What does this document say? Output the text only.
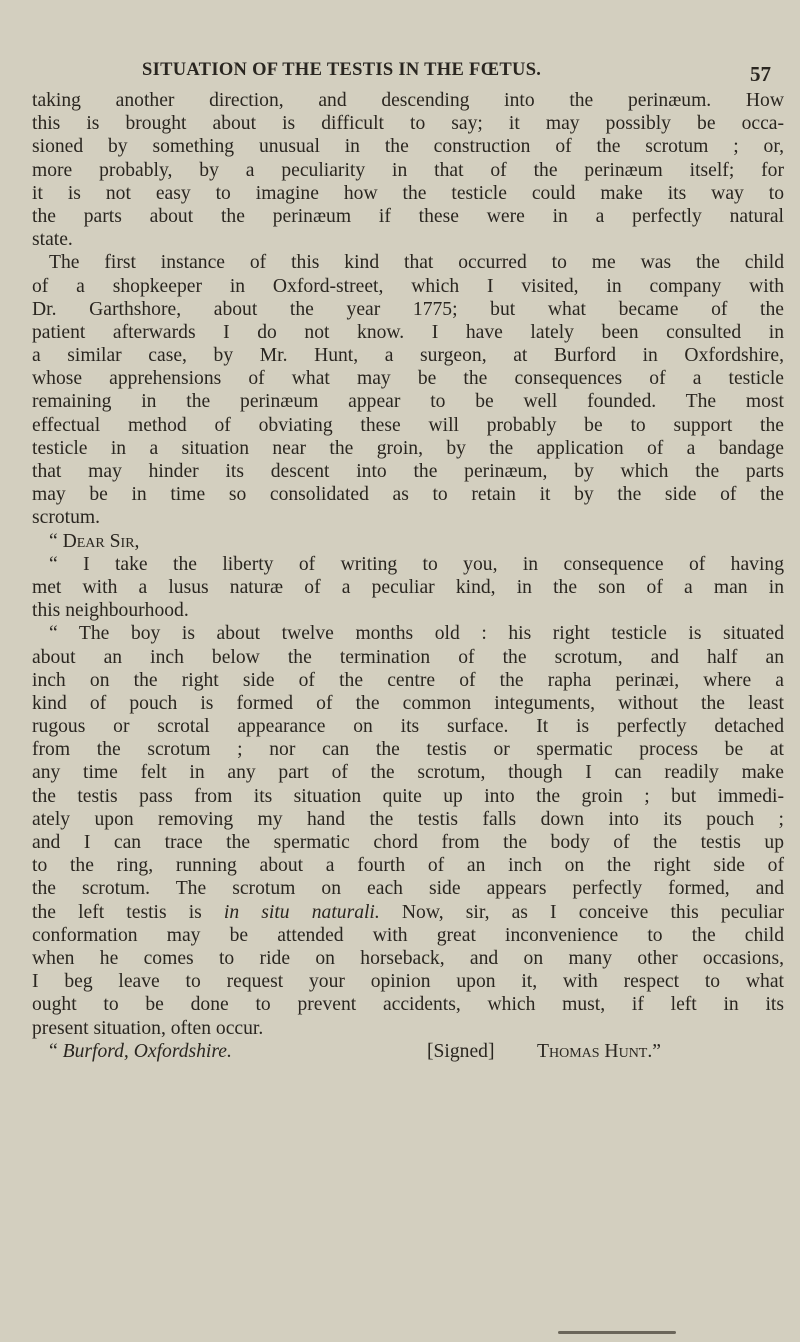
SITUATION OF THE TESTIS IN THE FŒTUS.	57
taking another direction, and descending into the perinæum. How
this is brought about is difficult to say; it may possibly be occa-
sioned by something unusual in the construction of the scrotum ; or,
more probably, by a peculiarity in that of the perinæum itself; for
it is not easy to imagine how the testicle could make its way to
the parts about the perinæum if these were in a perfectly natural
state.
The first instance of this kind that occurred to me was the child
of a shopkeeper in Oxford-street, which I visited, in company with
Dr. Garthshore, about the year 1775; but what became of the
patient afterwards I do not know. I have lately been consulted in
a similar case, by Mr. Hunt, a surgeon, at Burford in Oxfordshire,
whose apprehensions of what may be the consequences of a testicle
remaining in the perinæum appear to be well founded. The most
effectual method of obviating these will probably be to support the
testicle in a situation near the groin, by the application of a bandage
that may hinder its descent into the perinæum, by which the parts
may be in time so consolidated as to retain it by the side of the
scrotum.
“ Dear Sir,
“ I take the liberty of writing to you, in consequence of having
met with a lusus naturæ of a peculiar kind, in the son of a man in
this neighbourhood.
“ The boy is about twelve months old : his right testicle is situated
about an inch below the termination of the scrotum, and half an
inch on the right side of the centre of the rapha perinæi, where a
kind of pouch is formed of the common integuments, without the least
rugous or scrotal appearance on its surface. It is perfectly detached
from the scrotum ; nor can the testis or spermatic process be at
any time felt in any part of the scrotum, though I can readily make
the testis pass from its situation quite up into the groin ; but immedi-
ately upon removing my hand the testis falls down into its pouch ;
and I can trace the spermatic chord from the body of the testis up
to the ring, running about a fourth of an inch on the right side of
the scrotum. The scrotum on each side appears perfectly formed, and
the left testis is in situ naturali. Now, sir, as I conceive this peculiar
conformation may be attended with great inconvenience to the child
when he comes to ride on horseback, and on many other occasions,
I beg leave to request your opinion upon it, with respect to what
ought to be done to prevent accidents, which must, if left in its
present situation, often occur.
“ Burford, Oxfordshire.	[Signed]	Thomas Hunt.”
